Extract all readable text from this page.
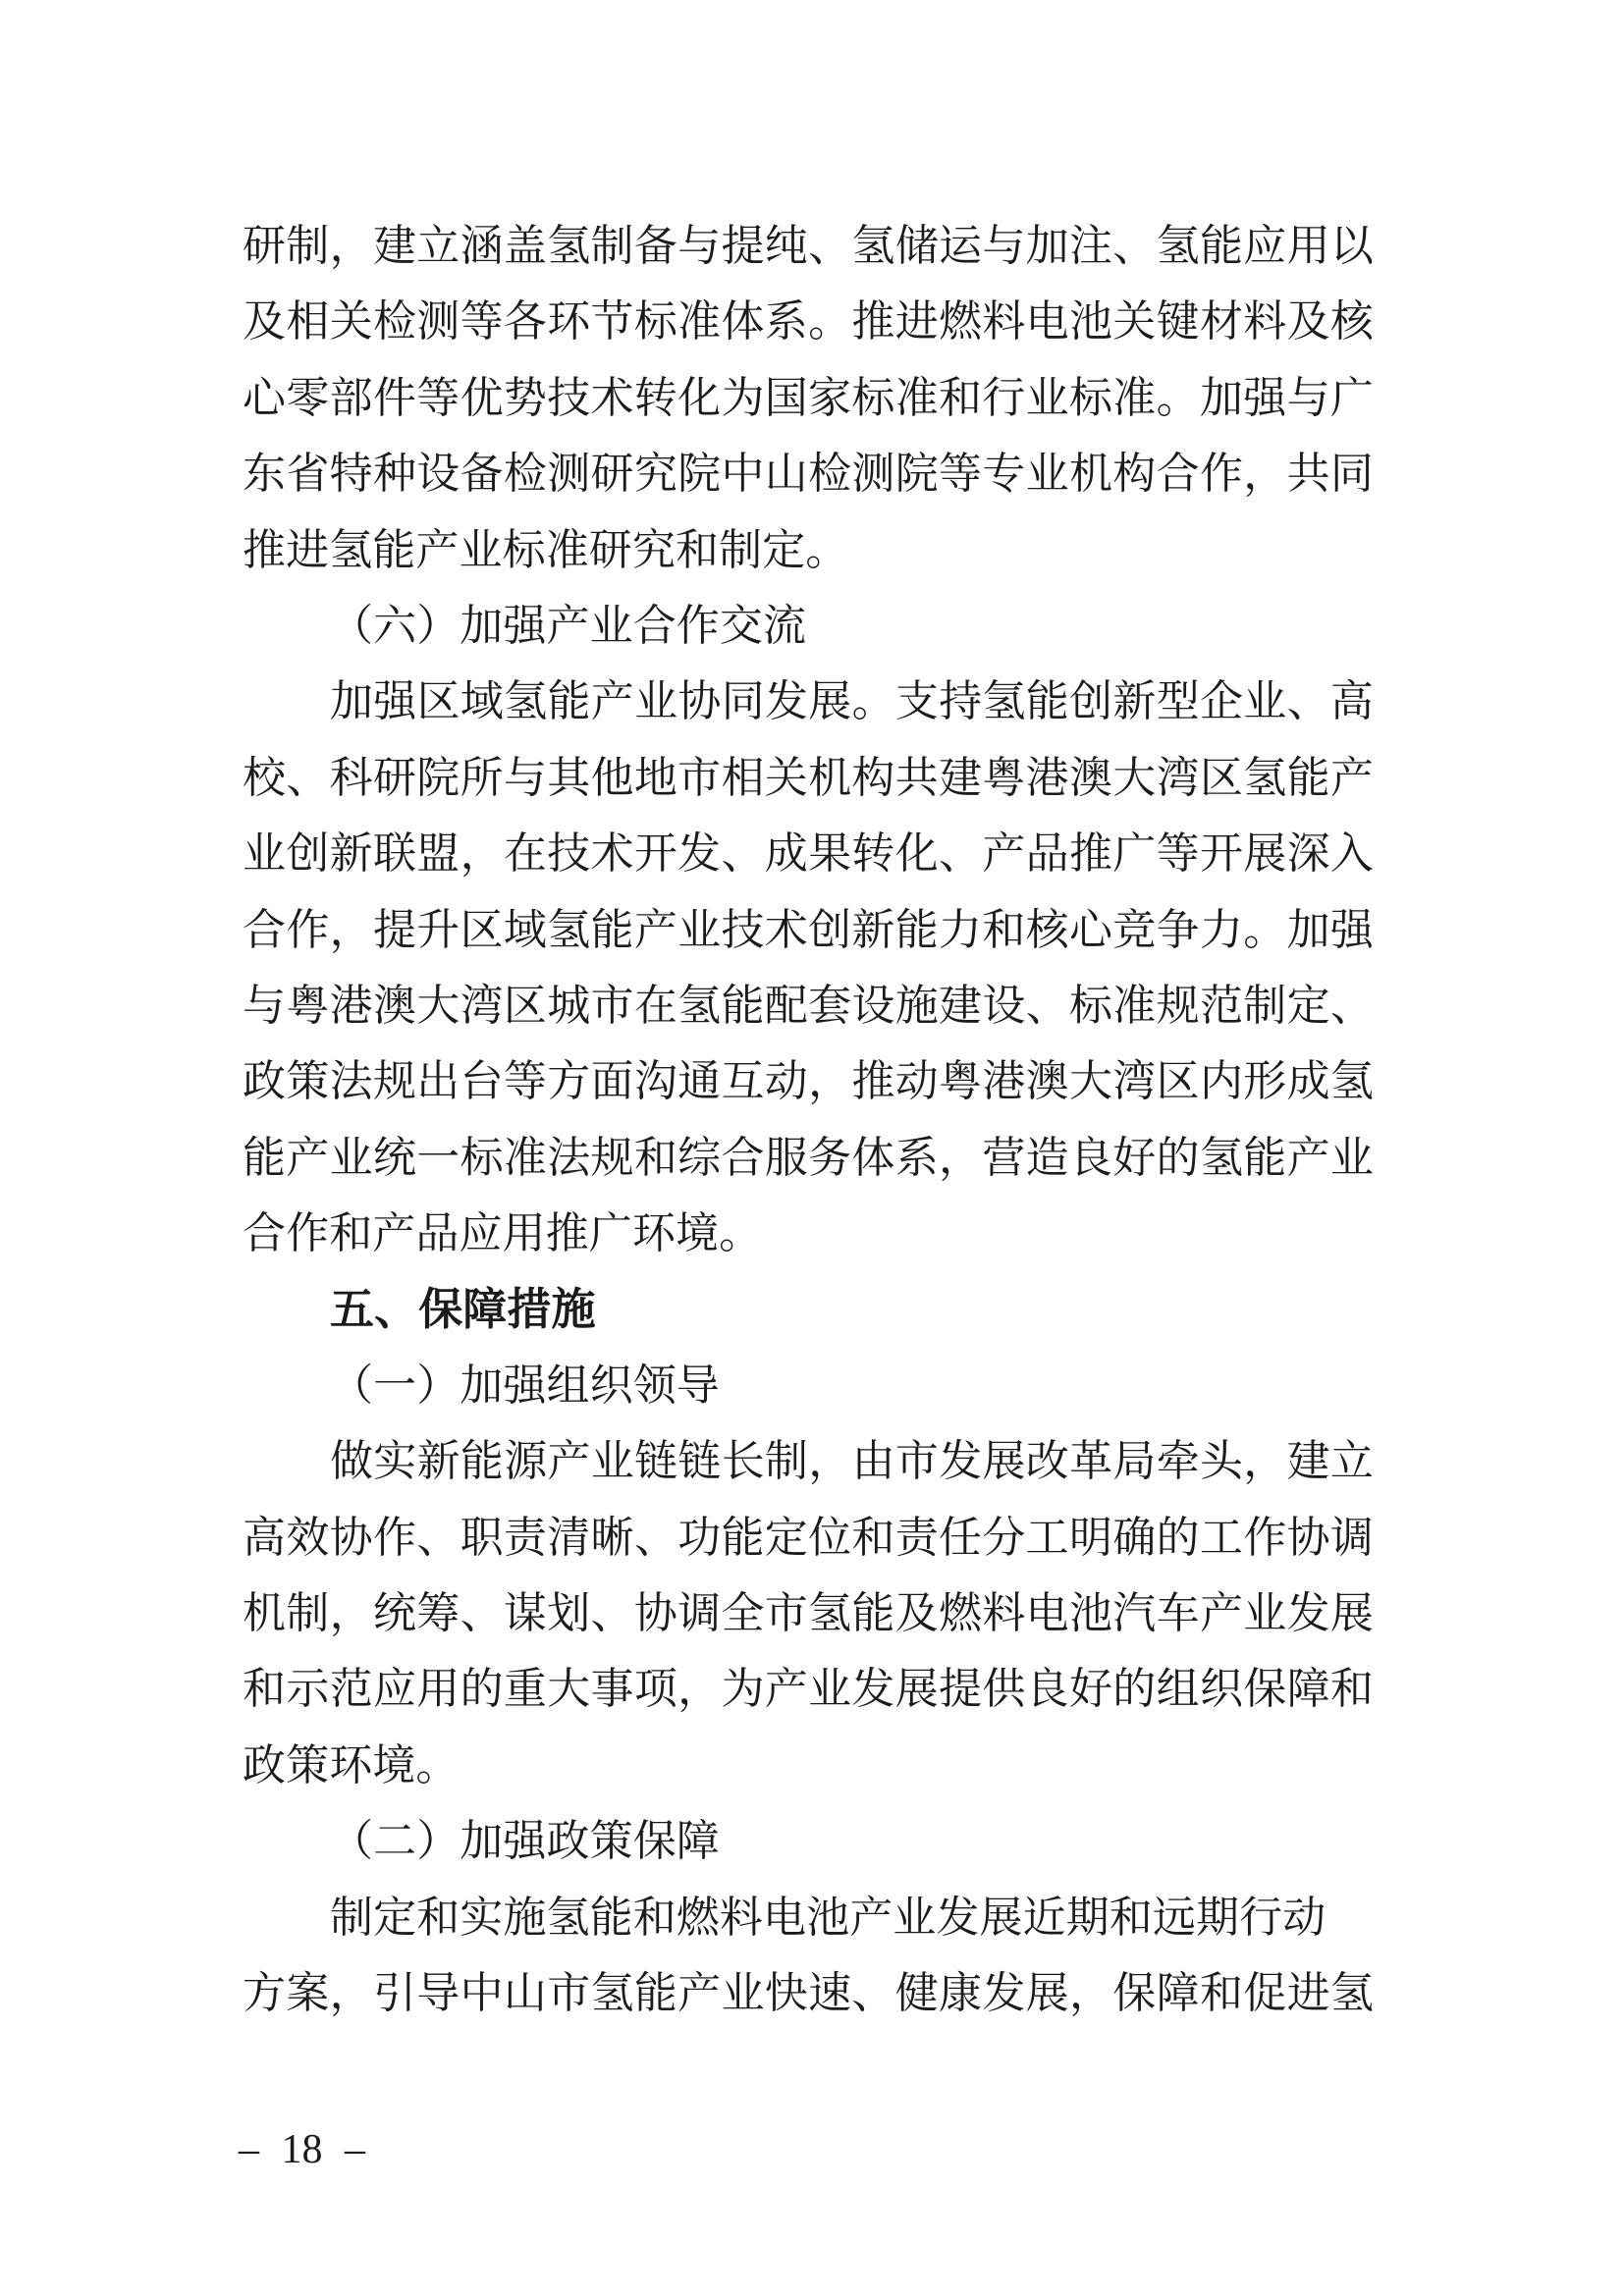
研制，建立涵盖氢制备与提纯、氢储运与加注、氢能应用以
及相关检测等各环节标准体系。推进燃料电池关键材料及核
心零部件等优势技术转化为国家标准和行业标准。加强与广
东省特种设备检测研究院中山检测院等专业机构合作，共同
推进氢能产业标准研究和制定。
（六）加强产业合作交流
加强区域氢能产业协同发展。支持氢能创新型企业、高
校、科研院所与其他地市相关机构共建粤港澳大湾区氢能产
业创新联盟，在技术开发、成果转化、产品推广等开展深入
合作，提升区域氢能产业技术创新能力和核心竞争力。加强
与粤港澳大湾区城市在氢能配套设施建设、标准规范制定、
政策法规出台等方面沟通互动，推动粤港澳大湾区内形成氢
能产业统一标准法规和综合服务体系，营造良好的氢能产业
合作和产品应用推广环境。
五、保障措施
（一）加强组织领导
做实新能源产业链链长制，由市发展改革局牵头，建立
高效协作、职责清晰、功能定位和责任分工明确的工作协调
机制，统筹、谋划、协调全市氢能及燃料电池汽车产业发展
和示范应用的重大事项，为产业发展提供良好的组织保障和
政策环境。
（二）加强政策保障
制定和实施氢能和燃料电池产业发展近期和远期行动
方案，引导中山市氢能产业快速、健康发展，保障和促进氢
– 18 –
